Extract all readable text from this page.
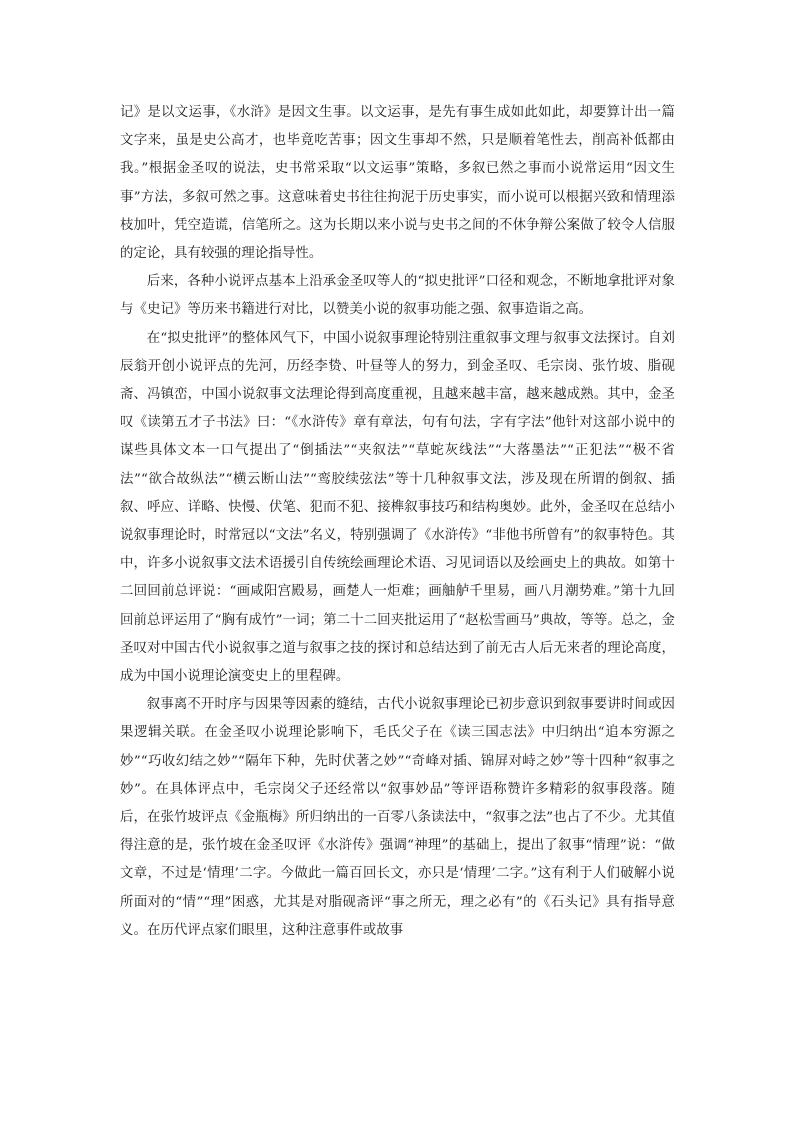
记》是以文运事，《水浒》是因文生事。以文运事，是先有事生成如此如此，却要算计出一篇文字来，虽是史公高才，也毕竟吃苦事；因文生事却不然，只是顺着笔性去，削高补低都由我。”根据金圣叹的说法，史书常采取“以文运事”策略，多叙已然之事而小说常运用“因文生事”方法，多叙可然之事。这意味着史书往往拘泥于历史事实，而小说可以根据兴致和情理添枝加叶，凭空造谎，信笔所之。这为长期以来小说与史书之间的不休争辩公案做了较令人信服的定论，具有较强的理论指导性。

后来，各种小说评点基本上沿承金圣叹等人的“拟史批评”口径和观念，不断地拿批评对象与《史记》等历来书籍进行对比，以赞美小说的叙事功能之强、叙事造诣之高。

在“拟史批评”的整体风气下，中国小说叙事理论特别注重叙事文理与叙事文法探讨。自刘辰翁开创小说评点的先河，历经李贽、叶昼等人的努力，到金圣叹、毛宗岗、张竹坡、脂砚斋、冯镇峦，中国小说叙事文法理论得到高度重视，且越来越丰富，越来越成熟。其中，金圣叹《读第五才子书法》曰：“《水浒传》章有章法，句有句法，字有字法”他针对这部小说中的谋些具体文本一口气提出了“倒插法”“夹叙法”“草蛇灰线法”“大落墨法”“正犯法”“极不省法”“欲合故纵法”“横云断山法”“鸾胶续弦法”等十几种叙事文法，涉及现在所谓的倒叙、插叙、呼应、详略、快慢、伏笔、犯而不犯、接榫叙事技巧和结构奥妙。此外，金圣叹在总结小说叙事理论时，时常冠以“文法”名义，特别强调了《水浒传》“非他书所曾有”的叙事特色。其中，许多小说叙事文法术语援引自传统绘画理论术语、习见词语以及绘画史上的典故。如第十二回回前总评说：“画咸阳宫殿易，画楚人一炬难；画舳舻千里易，画八月潮势难。”第十九回回前总评运用了“胸有成竹”一词；第二十二回夹批运用了“赵松雪画马”典故，等等。总之，金圣叹对中国古代小说叙事之道与叙事之技的探讨和总结达到了前无古人后无来者的理论高度，成为中国小说理论演变史上的里程碑。

叙事离不开时序与因果等因素的缝结，古代小说叙事理论已初步意识到叙事要讲时间或因果逻辑关联。在金圣叹小说理论影响下，毛氏父子在《读三国志法》中归纳出“追本穷源之妙”“巧收幻结之妙”“隔年下种，先时伏著之妙”“奇峰对插、锦屏对峙之妙”等十四种“叙事之妙”。在具体评点中，毛宗岗父子还经常以“叙事妙品”等评语称赞许多精彩的叙事段落。随后，在张竹坡评点《金瓶梅》所归纳出的一百零八条读法中，“叙事之法”也占了不少。尤其值得注意的是，张竹坡在金圣叹评《水浒传》强调“神理”的基础上，提出了叙事“情理”说：“做文章，不过是‘情理’二字。今做此一篇百回长文，亦只是‘情理’二字。”这有利于人们破解小说所面对的“情”“理”困惑，尤其是对脂砚斋评“事之所无，理之必有”的《石头记》具有指导意义。在历代评点家们眼里，这种注意事件或故事
